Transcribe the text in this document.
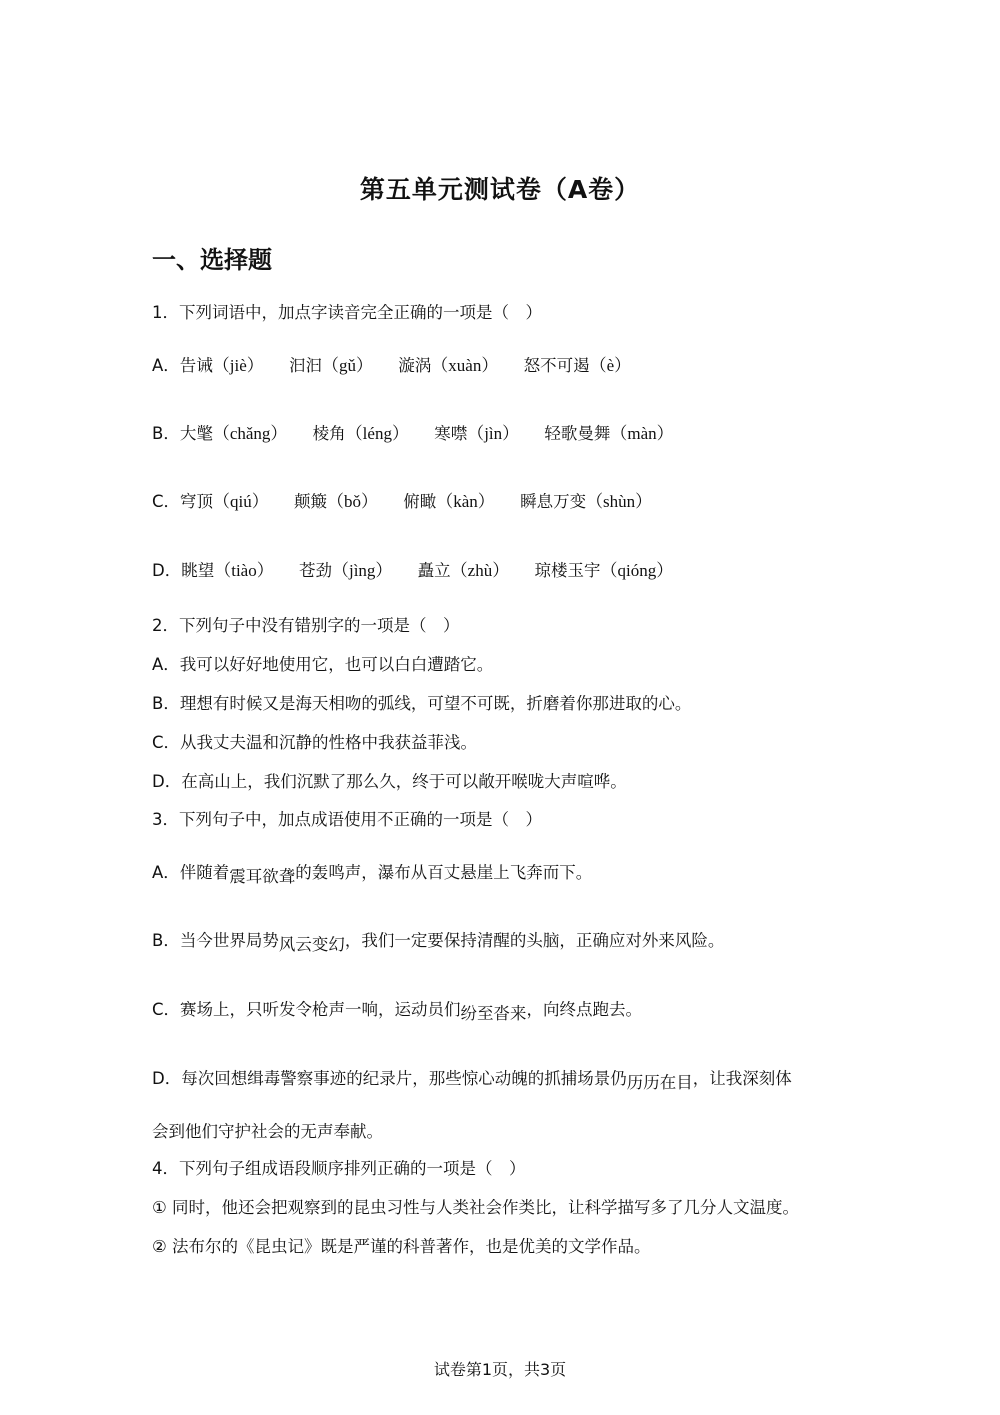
第五单元测试卷（A卷）
一、选择题
1．下列词语中，加点字读音完全正确的一项是（　）
A．告诫（jiè） 汩汩（gǔ） 漩涡（xuàn） 怒不可遏（è）
B．大氅（chǎng） 棱角（léng） 寒噤（jìn） 轻歌曼舞（màn）
C．穹顶（qiú） 颠簸（bǒ） 俯瞰（kàn） 瞬息万变（shùn）
D．眺望（tiào） 苍劲（jìng） 矗立（zhù） 琼楼玉宇（qióng）
2．下列句子中没有错别字的一项是（　）
A．我可以好好地使用它，也可以白白遭踏它。
B．理想有时候又是海天相吻的弧线，可望不可既，折磨着你那进取的心。
C．从我丈夫温和沉静的性格中我获益菲浅。
D．在高山上，我们沉默了那么久，终于可以敞开喉咙大声喧哗。
3．下列句子中，加点成语使用不正确的一项是（　）
A．伴随着震耳欲聋的轰鸣声，瀑布从百丈悬崖上飞奔而下。
B．当今世界局势风云变幻，我们一定要保持清醒的头脑，正确应对外来风险。
C．赛场上，只听发令枪声一响，运动员们纷至沓来，向终点跑去。
D．每次回想缉毒警察事迹的纪录片，那些惊心动魄的抓捕场景仍历历在目，让我深刻体
会到他们守护社会的无声奉献。
4．下列句子组成语段顺序排列正确的一项是（　）
① 同时，他还会把观察到的昆虫习性与人类社会作类比，让科学描写多了几分人文温度。
② 法布尔的《昆虫记》既是严谨的科普著作，也是优美的文学作品。
试卷第1页，共3页
